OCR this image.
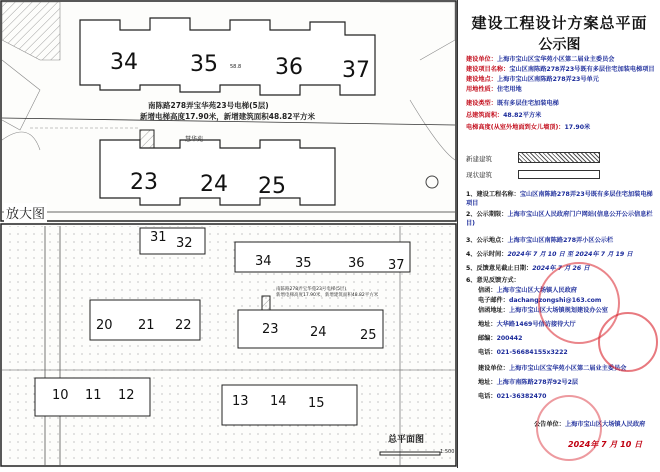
34 35	36 37
23 24 25
58.8
南陈路278弄宝华苑23号电梯(5层)
新增电梯高度17.90米，新增建筑面积48.82平方米
慧华苑
放大图
31 32
34 35	36 37
20 21 22	23 24	25
10 11 12	13 14 15
南陈路278弄宝华苑23号电梯(5层)
新增电梯高度17.90米，新增建筑面积48.82平方米
总平面图
1:500
建设工程设计方案总平面
公示图
建设单位：上海市宝山区宝华苑小区第二届业主委员会
建设项目名称：宝山区南陈路278弄23号既有多层住宅加装电梯项目
建设地点：上海市宝山区南陈路278弄23号单元
用地性质：住宅用地
建设类型：既有多层住宅加装电梯
总建筑面积：48.82平方米
电梯高度(从室外地面到女儿墙顶)：17.90米
新建建筑
现状建筑
1、建设工程名称：宝山区南陈路278弄23号既有多层住宅加装电梯项目
2、公示期限：上海市宝山区人民政府门户网站(信息公开公示信息栏目)
3、公示地点：上海市宝山区南陈路278弄小区公示栏
4、公示时间：2024年 7 月 10 日 至 2024年 7 月 19 日
5、反馈意见截止日期：2024年 7 月 26 日
6、意见反馈方式：
信函：上海市宝山区大场镇人民政府
电子邮件：dachangzongshi@163.com
信函地址：上海市宝山区大场镇规划建设办公室
地址：大华路1469号信访接待大厅
邮编：200442
电话：021-56684155x3222
建设单位：上海市宝山区宝华苑小区第二届业主委员会
地址：上海市南陈路278弄92号2层
电话：021-36382470
公告单位：上海市宝山区大场镇人民政府
2024年 7 月 10 日
